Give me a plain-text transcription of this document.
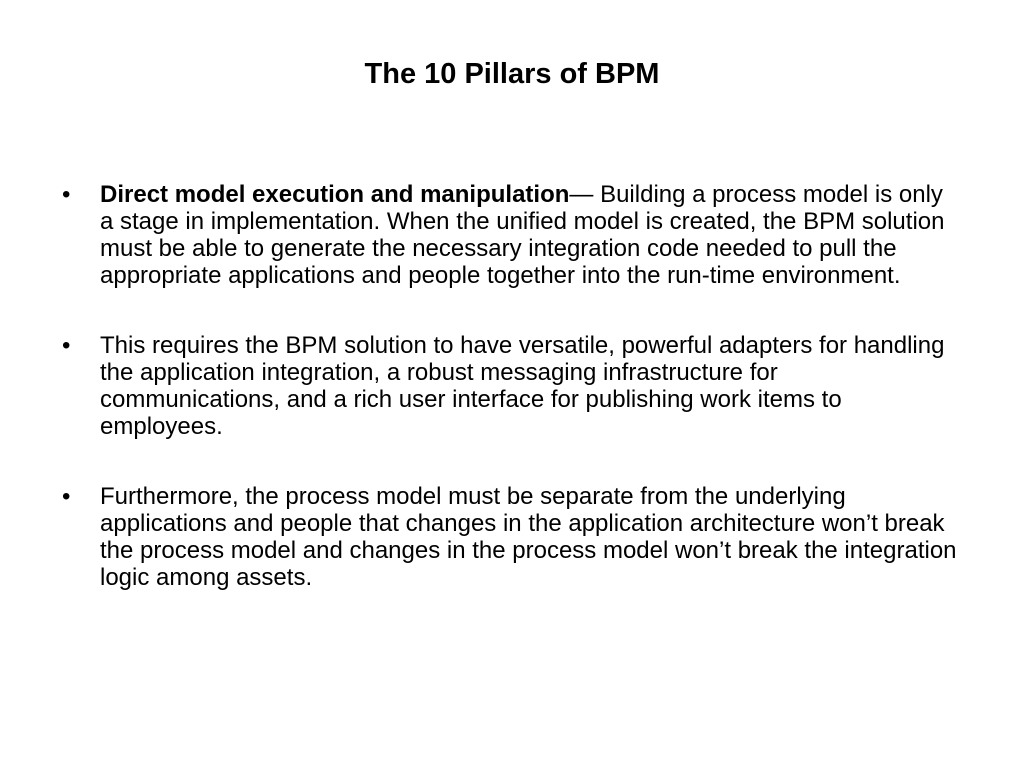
The 10 Pillars of BPM
•	Direct model execution and manipulation— Building a process model is only a stage in implementation. When the unified model is created, the BPM solution must be able to generate the necessary integration code needed to pull the appropriate applications and people together into the run-time environment.
•	This requires the BPM solution to have versatile, powerful adapters for handling the application integration, a robust messaging infrastructure for communications, and a rich user interface for publishing work items to employees.
•	Furthermore, the process model must be separate from the underlying applications and people that changes in the application architecture won’t break the process model and changes in the process model won’t break the integration logic among assets.
